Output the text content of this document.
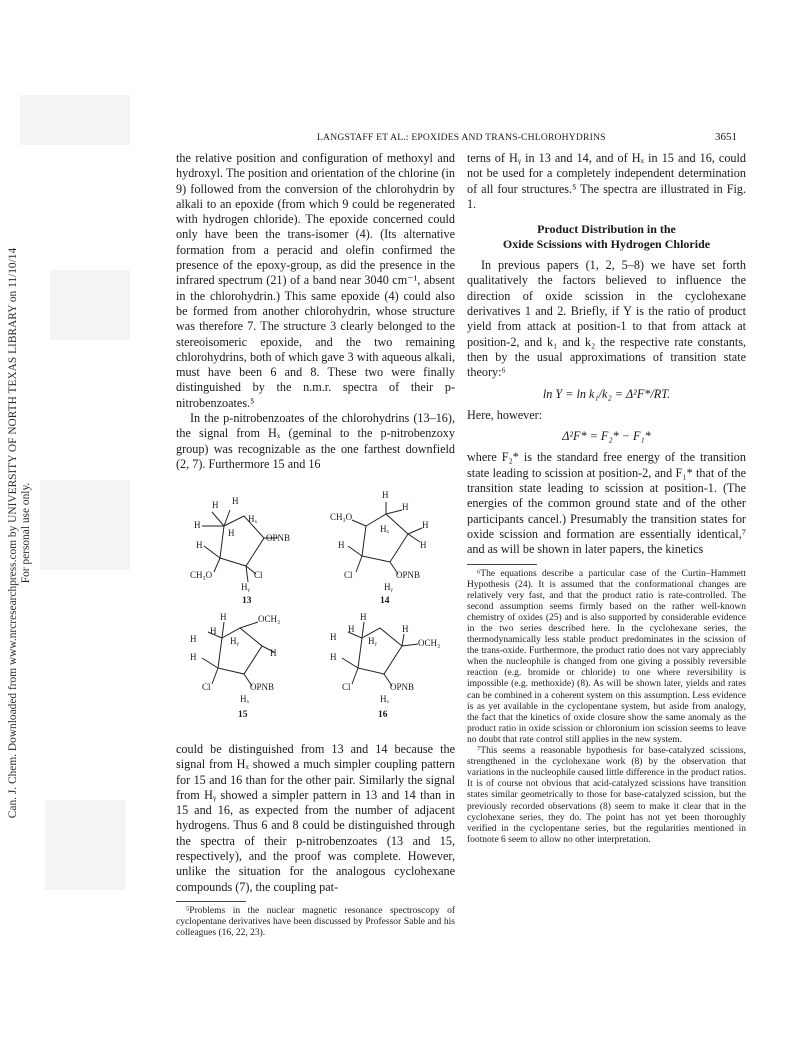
Can. J. Chem. Downloaded from www.nrcresearchpress.com by UNIVERSITY OF NORTH TEXAS LIBRARY on 11/10/14 For personal use only.
LANGSTAFF ET AL.: EPOXIDES AND TRANS-CHLOROHYDRINS	3651

the relative position and configuration of methoxyl and hydroxyl. The position and orientation of the chlorine (in 9) followed from the conversion of the chlorohydrin by alkali to an epoxide (from which 9 could be regenerated with hydrogen chloride). The epoxide concerned could only have been the trans-isomer (4). (Its alternative formation from a peracid and olefin confirmed the presence of the epoxy-group, as did the presence in the infrared spectrum (21) of a band near 3040 cm⁻¹, absent in the chlorohydrin.) This same epoxide (4) could also be formed from another chlorohydrin, whose structure was therefore 7. The structure 3 clearly belonged to the stereoisomeric epoxide, and the two remaining chlorohydrins, both of which gave 3 with aqueous alkali, must have been 6 and 8. These two were finally distinguished by the n.m.r. spectra of their p-nitrobenzoates.⁵

In the p-nitrobenzoates of the chlorohydrins (13–16), the signal from Hₓ (geminal to the p-nitrobenzoxy group) was recognizable as the one farthest downfield (2, 7). Furthermore 15 and 16

H H
H
Hₓ
H
H
OPNB
CH₃O	Cl
Hᵧ
13
H
CH₃O
H
Hₓ	H
H	H
Cl	OPNB
Hᵧ
14
H
H
OCH₃
Hᵧ
H
H	H
Cl	OPNB
Hₓ
15
H
H
OCH₃
Hᵧ
H
H
H
Cl	OPNB
Hₓ
16

could be distinguished from 13 and 14 because the signal from Hₓ showed a much simpler coupling pattern for 15 and 16 than for the other pair. Similarly the signal from Hᵧ showed a simpler pattern in 13 and 14 than in 15 and 16, as expected from the number of adjacent hydrogens. Thus 6 and 8 could be distinguished through the spectra of their p-nitrobenzoates (13 and 15, respectively), and the proof was complete. However, unlike the situation for the analogous cyclohexane compounds (7), the coupling pat-

⁵Problems in the nuclear magnetic resonance spectroscopy of cyclopentane derivatives have been discussed by Professor Sable and his colleagues (16, 22, 23).

terns of Hᵧ in 13 and 14, and of Hₓ in 15 and 16, could not be used for a completely independent determination of all four structures.⁵ The spectra are illustrated in Fig. 1.

Product Distribution in the
Oxide Scissions with Hydrogen Chloride

In previous papers (1, 2, 5–8) we have set forth qualitatively the factors believed to influence the direction of oxide scission in the cyclohexane derivatives 1 and 2. Briefly, if Y is the ratio of product yield from attack at position-1 to that from attack at position-2, and k₁ and k₂ the respective rate constants, then by the usual approximations of transition state theory:⁶

ln Y = ln k₁/k₂ = Δ²F*/RT.

Here, however:

Δ²F* = F₂* − F₁*

where F₂* is the standard free energy of the transition state leading to scission at position-2, and F₁* that of the transition state leading to scission at position-1. (The energies of the common ground state and of the other participants cancel.) Presumably the transition states for oxide scission and formation are essentially identical,⁷ and as will be shown in later papers, the kinetics

⁶The equations describe a particular case of the Curtin–Hammett Hypothesis (24). It is assumed that the conformational changes are relatively very fast, and that the product ratio is rate-controlled. The second assumption seems firmly based on the rather well-known chemistry of oxides (25) and is also supported by considerable evidence in the two series described here. In the cyclohexane series, the thermodynamically less stable product predominates in the scission of the trans-oxide. Furthermore, the product ratio does not vary appreciably when the nucleophile is changed from one giving a possibly reversible reaction (e.g. bromide or chloride) to one where reversibility is impossible (e.g. methoxide) (8). As will be shown later, yields and rates can be combined in a coherent system on this assumption. Less evidence is as yet available in the cyclopentane system, but aside from analogy, the fact that the kinetics of oxide closure show the same anomaly as the product ratio in oxide scission or chloronium ion scission seems to leave no doubt that rate control still applies in the new system.

⁷This seems a reasonable hypothesis for base-catalyzed scissions, strengthened in the cyclohexane work (8) by the observation that variations in the nucleophile caused little difference in the product ratios. It is of course not obvious that acid-catalyzed scissions have transition states similar geometrically to those for base-catalyzed scission, but the previously recorded observations (8) seem to make it clear that in the cyclohexane series, they do. The point has not yet been thoroughly verified in the cyclopentane series, but the regularities mentioned in footnote 6 seem to allow no other interpretation.
